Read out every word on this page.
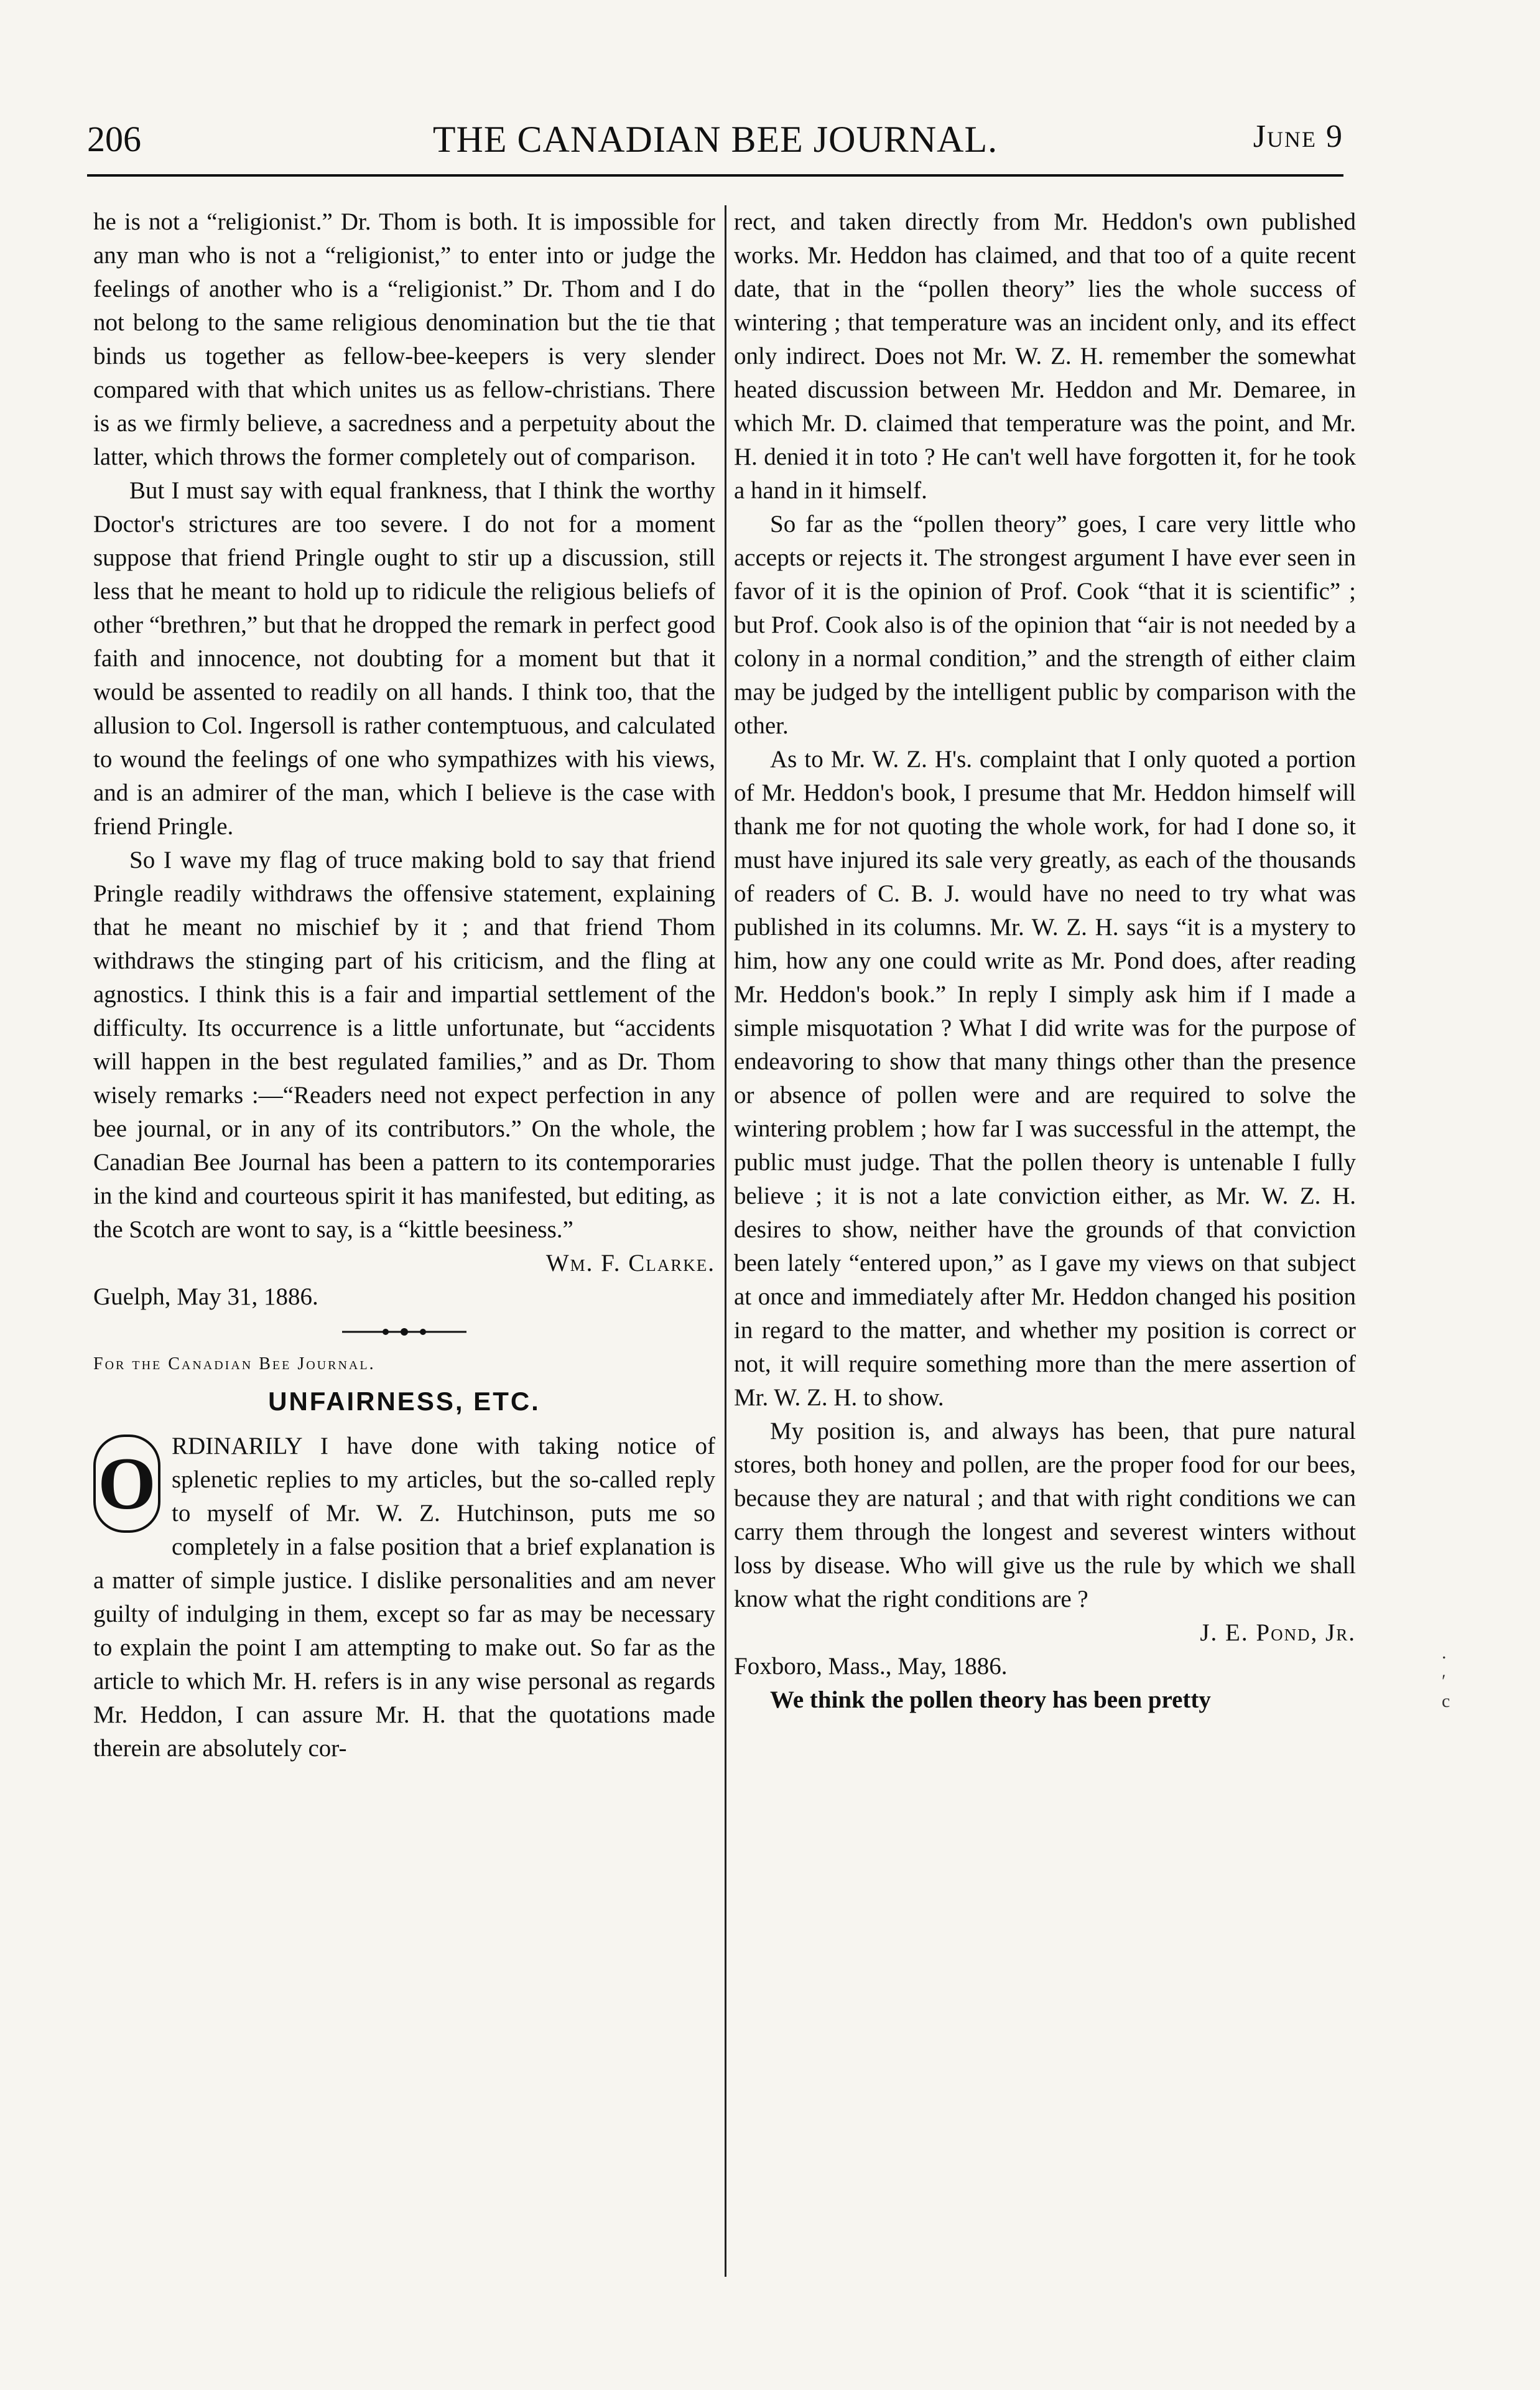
206	THE CANADIAN BEE JOURNAL.	June 9

he is not a “religionist.” Dr. Thom is both. It is impossible for any man who is not a “religionist,” to enter into or judge the feelings of another who is a “religionist.” Dr. Thom and I do not belong to the same religious denomination but the tie that binds us together as fellow-bee-keepers is very slender compared with that which unites us as fellow-christians. There is as we firmly believe, a sacredness and a perpetuity about the latter, which throws the former completely out of comparison.

But I must say with equal frankness, that I think the worthy Doctor's strictures are too severe. I do not for a moment suppose that friend Pringle ought to stir up a discussion, still less that he meant to hold up to ridicule the religious beliefs of other “brethren,” but that he dropped the remark in perfect good faith and innocence, not doubting for a moment but that it would be assented to readily on all hands. I think too, that the allusion to Col. Ingersoll is rather contemptuous, and calculated to wound the feelings of one who sympathizes with his views, and is an admirer of the man, which I believe is the case with friend Pringle.

So I wave my flag of truce making bold to say that friend Pringle readily withdraws the offensive statement, explaining that he meant no mischief by it ; and that friend Thom withdraws the stinging part of his criticism, and the fling at agnostics. I think this is a fair and impartial settlement of the difficulty. Its occurrence is a little unfortunate, but “accidents will happen in the best regulated families,” and as Dr. Thom wisely remarks :—“Readers need not expect perfection in any bee journal, or in any of its contributors.” On the whole, the Canadian Bee Journal has been a pattern to its contemporaries in the kind and courteous spirit it has manifested, but editing, as the Scotch are wont to say, is a “kittle beesiness.”

Wm. F. Clarke.

Guelph, May 31, 1886.

For the Canadian Bee Journal.
UNFAIRNESS, ETC.

O RDINARILY I have done with taking notice of splenetic replies to my articles, but the so-called reply to myself of Mr. W. Z. Hutchinson, puts me so completely in a false position that a brief explanation is a matter of simple justice. I dislike personalities and am never guilty of indulging in them, except so far as may be necessary to explain the point I am attempting to make out. So far as the article to which Mr. H. refers is in any wise personal as regards Mr. Heddon, I can assure Mr. H. that the quotations made therein are absolutely cor-

rect, and taken directly from Mr. Heddon's own published works. Mr. Heddon has claimed, and that too of a quite recent date, that in the “pollen theory” lies the whole success of wintering ; that temperature was an incident only, and its effect only indirect. Does not Mr. W. Z. H. remember the somewhat heated discussion between Mr. Heddon and Mr. Demaree, in which Mr. D. claimed that temperature was the point, and Mr. H. denied it in toto ? He can't well have forgotten it, for he took a hand in it himself.

So far as the “pollen theory” goes, I care very little who accepts or rejects it. The strongest argument I have ever seen in favor of it is the opinion of Prof. Cook “that it is scientific” ; but Prof. Cook also is of the opinion that “air is not needed by a colony in a normal condition,” and the strength of either claim may be judged by the intelligent public by comparison with the other.

As to Mr. W. Z. H's. complaint that I only quoted a portion of Mr. Heddon's book, I presume that Mr. Heddon himself will thank me for not quoting the whole work, for had I done so, it must have injured its sale very greatly, as each of the thousands of readers of C. B. J. would have no need to try what was published in its columns. Mr. W. Z. H. says “it is a mystery to him, how any one could write as Mr. Pond does, after reading Mr. Heddon's book.” In reply I simply ask him if I made a simple misquotation ? What I did write was for the purpose of endeavoring to show that many things other than the presence or absence of pollen were and are required to solve the wintering problem ; how far I was successful in the attempt, the public must judge. That the pollen theory is untenable I fully believe ; it is not a late conviction either, as Mr. W. Z. H. desires to show, neither have the grounds of that conviction been lately “entered upon,” as I gave my views on that subject at once and immediately after Mr. Heddon changed his position in regard to the matter, and whether my position is correct or not, it will require something more than the mere assertion of Mr. W. Z. H. to show.

My position is, and always has been, that pure natural stores, both honey and pollen, are the proper food for our bees, because they are natural ; and that with right conditions we can carry them through the longest and severest winters without loss by disease. Who will give us the rule by which we shall know what the right conditions are ?

J. E. Pond, Jr.

Foxboro, Mass., May, 1886.

We think the pollen theory has been pretty

.
′
c
